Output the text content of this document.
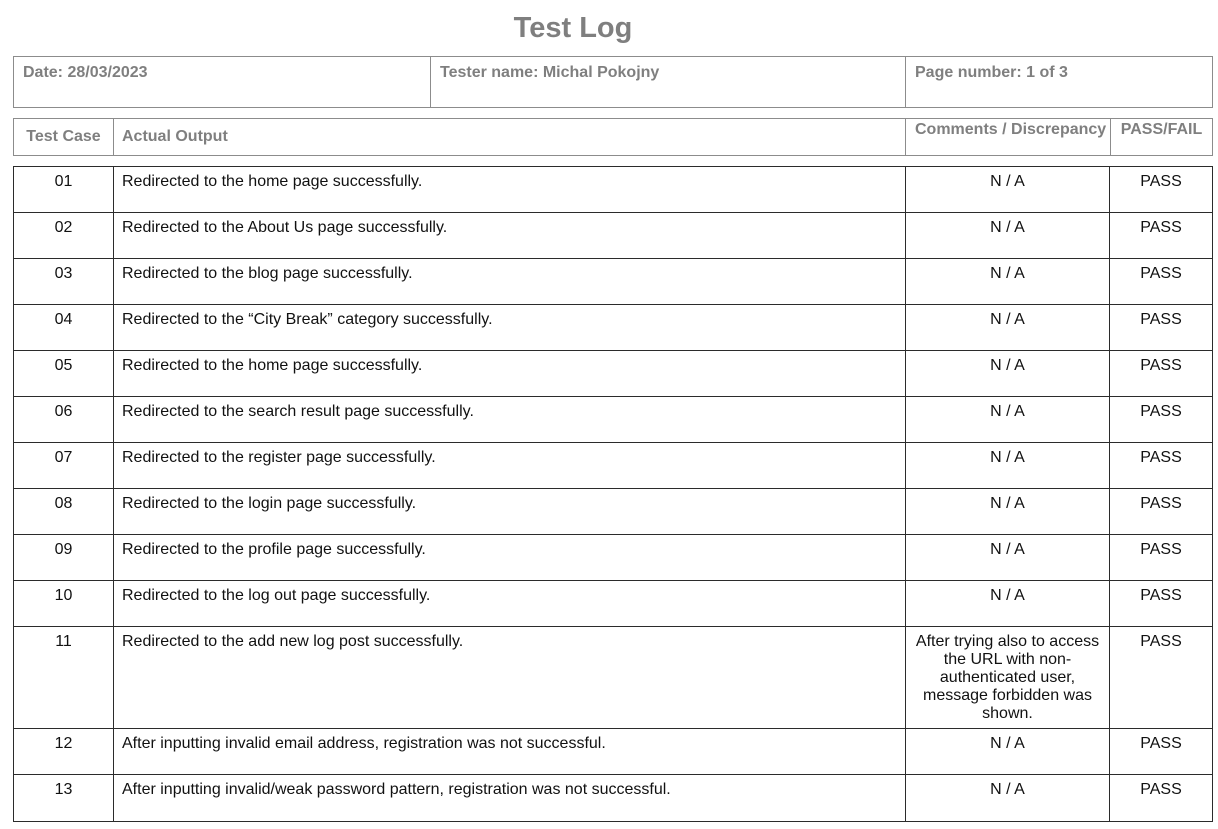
Test Log
Date: 28/03/2023	Tester name: Michal Pokojny	Page number: 1 of 3
Test Case	Actual Output	Comments / Discrepancy	PASS/FAIL
01	Redirected to the home page successfully.	N / A	PASS
02	Redirected to the About Us page successfully.	N / A	PASS
03	Redirected to the blog page successfully.	N / A	PASS
04	Redirected to the “City Break” category successfully.	N / A	PASS
05	Redirected to the home page successfully.	N / A	PASS
06	Redirected to the search result page successfully.	N / A	PASS
07	Redirected to the register page successfully.	N / A	PASS
08	Redirected to the login page successfully.	N / A	PASS
09	Redirected to the profile page successfully.	N / A	PASS
10	Redirected to the log out page successfully.	N / A	PASS
11	Redirected to the add new log post successfully.	After trying also to access the URL with non-authenticated user, message forbidden was shown.	PASS
12	After inputting invalid email address, registration was not successful.	N / A	PASS
13	After inputting invalid/weak password pattern, registration was not successful.	N / A	PASS
